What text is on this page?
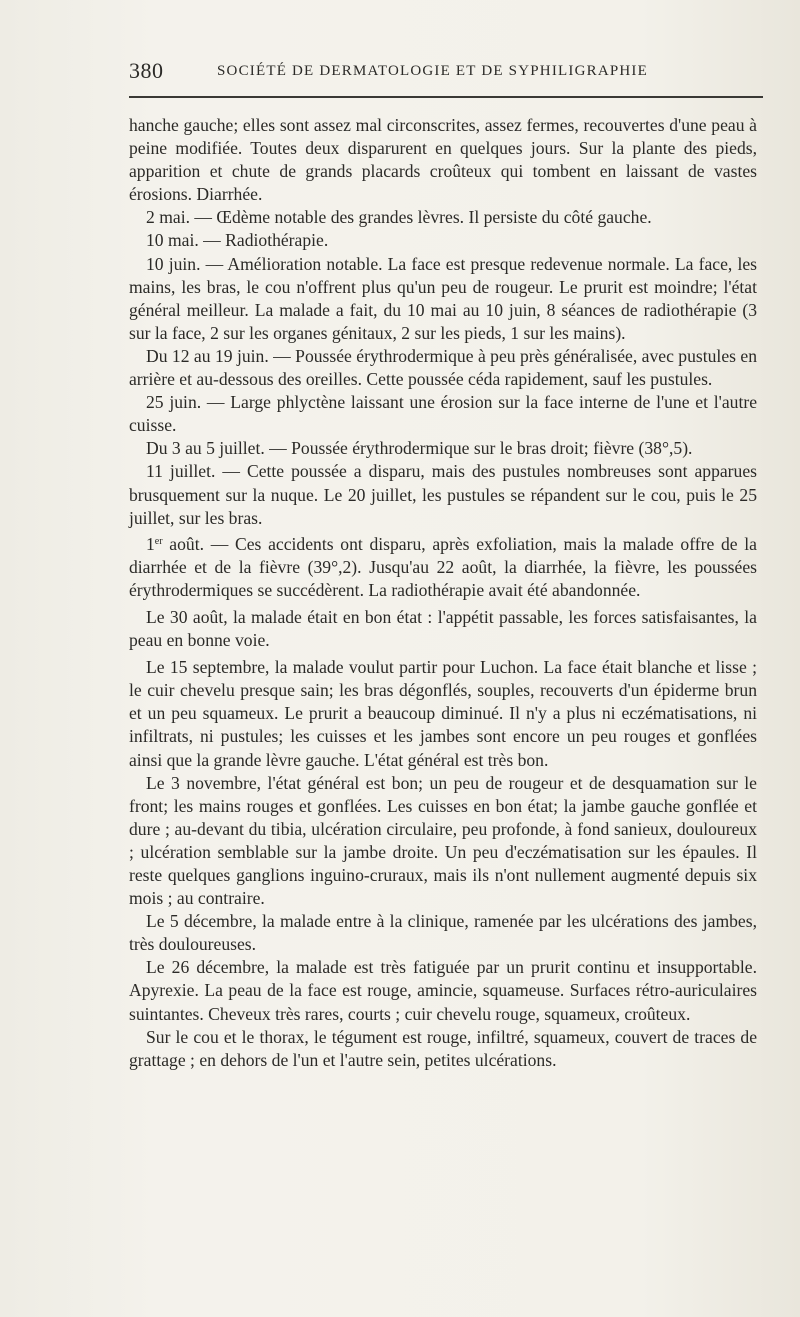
380	SOCIÉTÉ DE DERMATOLOGIE ET DE SYPHILIGRAPHIE

hanche gauche; elles sont assez mal circonscrites, assez fermes, recouvertes d'une peau à peine modifiée. Toutes deux disparurent en quelques jours. Sur la plante des pieds, apparition et chute de grands placards croûteux qui tombent en laissant de vastes érosions. Diarrhée.

2 mai. — Œdème notable des grandes lèvres. Il persiste du côté gauche.

10 mai. — Radiothérapie.

10 juin. — Amélioration notable. La face est presque redevenue normale. La face, les mains, les bras, le cou n'offrent plus qu'un peu de rougeur. Le prurit est moindre; l'état général meilleur. La malade a fait, du 10 mai au 10 juin, 8 séances de radiothérapie (3 sur la face, 2 sur les organes génitaux, 2 sur les pieds, 1 sur les mains).

Du 12 au 19 juin. — Poussée érythrodermique à peu près généralisée, avec pustules en arrière et au-dessous des oreilles. Cette poussée céda rapidement, sauf les pustules.

25 juin. — Large phlyctène laissant une érosion sur la face interne de l'une et l'autre cuisse.

Du 3 au 5 juillet. — Poussée érythrodermique sur le bras droit; fièvre (38°,5).

11 juillet. — Cette poussée a disparu, mais des pustules nombreuses sont apparues brusquement sur la nuque. Le 20 juillet, les pustules se répandent sur le cou, puis le 25 juillet, sur les bras.

1er août. — Ces accidents ont disparu, après exfoliation, mais la malade offre de la diarrhée et de la fièvre (39°,2). Jusqu'au 22 août, la diarrhée, la fièvre, les poussées érythrodermiques se succédèrent. La radiothérapie avait été abandonnée.

Le 30 août, la malade était en bon état : l'appétit passable, les forces satisfaisantes, la peau en bonne voie.

Le 15 septembre, la malade voulut partir pour Luchon. La face était blanche et lisse ; le cuir chevelu presque sain; les bras dégonflés, souples, recouverts d'un épiderme brun et un peu squameux. Le prurit a beaucoup diminué. Il n'y a plus ni eczématisations, ni infiltrats, ni pustules; les cuisses et les jambes sont encore un peu rouges et gonflées ainsi que la grande lèvre gauche. L'état général est très bon.

Le 3 novembre, l'état général est bon; un peu de rougeur et de desquamation sur le front; les mains rouges et gonflées. Les cuisses en bon état; la jambe gauche gonflée et dure ; au-devant du tibia, ulcération circulaire, peu profonde, à fond sanieux, douloureux ; ulcération semblable sur la jambe droite. Un peu d'eczématisation sur les épaules. Il reste quelques ganglions inguino-cruraux, mais ils n'ont nullement augmenté depuis six mois ; au contraire.

Le 5 décembre, la malade entre à la clinique, ramenée par les ulcérations des jambes, très douloureuses.

Le 26 décembre, la malade est très fatiguée par un prurit continu et insupportable. Apyrexie. La peau de la face est rouge, amincie, squameuse. Surfaces rétro-auriculaires suintantes. Cheveux très rares, courts ; cuir chevelu rouge, squameux, croûteux.

Sur le cou et le thorax, le tégument est rouge, infiltré, squameux, couvert de traces de grattage ; en dehors de l'un et l'autre sein, petites ulcérations.
